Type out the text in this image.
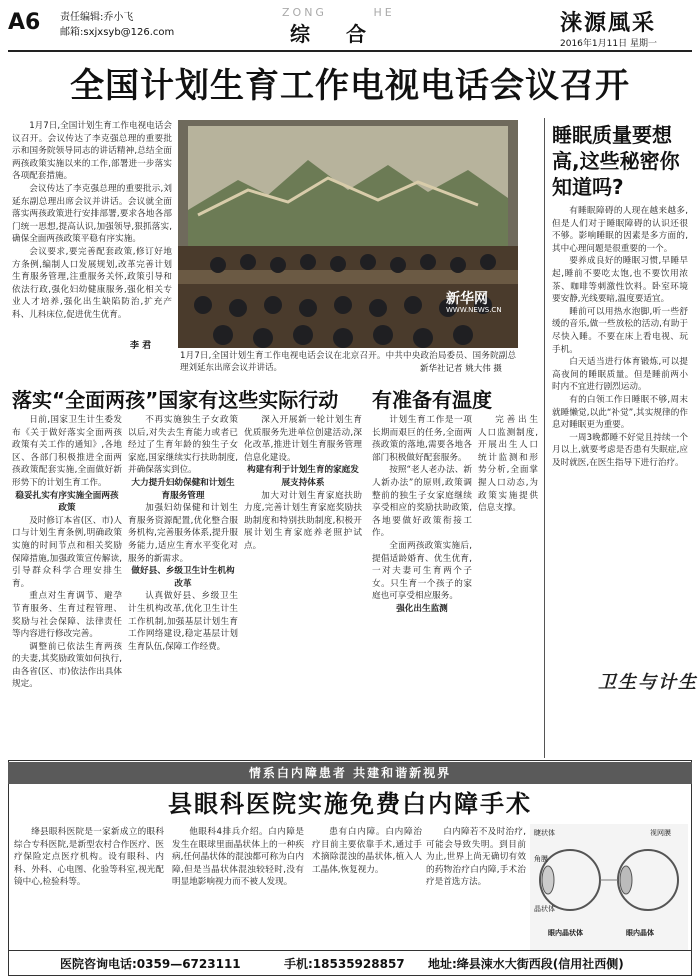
A6 责任编辑:乔小飞
邮箱:sxjxsyb@126.com
ZONG	HE
综合	涞源風采
2016年1月11日 星期一
全国计划生育工作电视电话会议召开

1月7日,全国计划生育工作电视电话会议召开。会议传达了李克强总理的重要批示和国务院领导同志的讲话精神,总结全面两孩政策实施以来的工作,部署进一步落实各项配套措施。

会议传达了李克强总理的重要批示,刘延东副总理出席会议并讲话。会议就全面落实两孩政策进行安排部署,要求各地各部门统一思想,提高认识,加强领导,狠抓落实,确保全面两孩政策平稳有序实施。

会议要求,要完善配套政策,修订好地方条例,编制人口发展规划,改革完善计划生育服务管理,注重服务关怀,政策引导和依法行政,强化妇幼健康服务,强化相关专业人才培养,强化出生缺陷防治,扩充产科、儿科床位,促进优生优育。

李 君
新华网
WWW.NEWS.CN
1月7日,全国计划生育工作电视电话会议在北京召开。中共中央政治局委员、国务院副总理刘延东出席会议并讲话。	新华社记者 姚大伟 摄
落实“全面两孩”国家有这些实际行动

日前,国家卫生计生委发布《关于做好落实全面两孩政策有关工作的通知》,各地区、各部门积极推进全面两孩政策配套实施,全面做好新形势下的计划生育工作。

稳妥扎实有序实施全面两孩政策

及时修订本省(区、市)人口与计划生育条例,明确政策实施的时间节点和相关奖励保障措施,加强政策宣传解读,引导群众科学合理安排生育。

重点对生育调节、避孕节育服务、生育过程管理、奖励与社会保障、法律责任等内容进行修改完善。

调整前已依法生育两孩的夫妻,其奖励政策如何执行,由各省(区、市)依法作出具体规定。

不再实施独生子女政策以后,对失去生育能力或者已经过了生育年龄的独生子女家庭,国家继续实行扶助制度,并确保落实到位。

大力提升妇幼保健和计划生育服务管理

加强妇幼保健和计划生育服务资源配置,优化整合服务机构,完善服务体系,提升服务能力,适应生育水平变化对服务的新需求。

做好县、乡级卫生计生机构改革

认真做好县、乡级卫生计生机构改革,优化卫生计生工作机制,加强基层计划生育工作网络建设,稳定基层计划生育队伍,保障工作经费。

深入开展新一轮计划生育优质服务先进单位创建活动,深化改革,推进计划生育服务管理信息化建设。

构建有利于计划生育的家庭发展支持体系

加大对计划生育家庭扶助力度,完善计划生育家庭奖励扶助制度和特别扶助制度,积极开展计划生育家庭养老照护试点。

有准备有温度

计划生育工作是一项长期而艰巨的任务,全面两孩政策的落地,需要各地各部门积极做好配套服务。

按照“老人老办法、新人新办法”的原则,政策调整前的独生子女家庭继续享受相应的奖励扶助政策,各地要做好政策衔接工作。

全面两孩政策实施后,提倡适龄婚育、优生优育,一对夫妻可生育两个子女。只生育一个孩子的家庭也可享受相应服务。

强化出生监测

完善出生人口监测制度,开展出生人口统计监测和形势分析,全面掌握人口动态,为政策实施提供信息支撑。

睡眠质量要想高,这些秘密你知道吗?

有睡眠障碍的人现在越来越多,但是人们对于睡眠障碍的认识还很不够。影响睡眠的因素是多方面的,其中心理问题是很重要的一个。

要养成良好的睡眠习惯,早睡早起,睡前不要吃太饱,也不要饮用浓茶、咖啡等刺激性饮料。卧室环境要安静,光线要暗,温度要适宜。

睡前可以用热水泡脚,听一些舒缓的音乐,做一些放松的活动,有助于尽快入睡。不要在床上看电视、玩手机。

白天适当进行体育锻炼,可以提高夜间的睡眠质量。但是睡前两小时内不宜进行剧烈运动。

有的白领工作日睡眠不够,周末就睡懒觉,以此“补觉”,其实规律的作息对睡眠更为重要。

一周3晚都睡不好觉且持续一个月以上,就要考虑是否患有失眠症,应及时就医,在医生指导下进行治疗。

卫生与计生
情系白内障患者 共建和谐新视界
县眼科医院实施免费白内障手术

绛县眼科医院是一家新成立的眼科综合专科医院,是新型农村合作医疗、医疗保险定点医疗机构。设有眼科、内科、外科、心电图、化验等科室,视光配镜中心,检验科等。

他眼科4排兵介绍。白内障是发生在眼球里面晶状体上的一种疾病,任何晶状体的混浊都可称为白内障,但是当晶状体混浊较轻时,没有明显地影响视力而不被人发现。

患有白内障。白内障治疗目前主要依靠手术,通过手术摘除混浊的晶状体,植入人工晶体,恢复视力。

白内障若不及时治疗,可能会导致失明。到目前为止,世界上尚无确切有效的药物治疗白内障,手术治疗是首选方法。

睫状体
角膜
晶状体
视网膜
眼内晶状体	眼内晶体
医院咨询电话:0359—6723111	手机:18535928857 地址:绛县涑水大街西段(信用社西侧)
